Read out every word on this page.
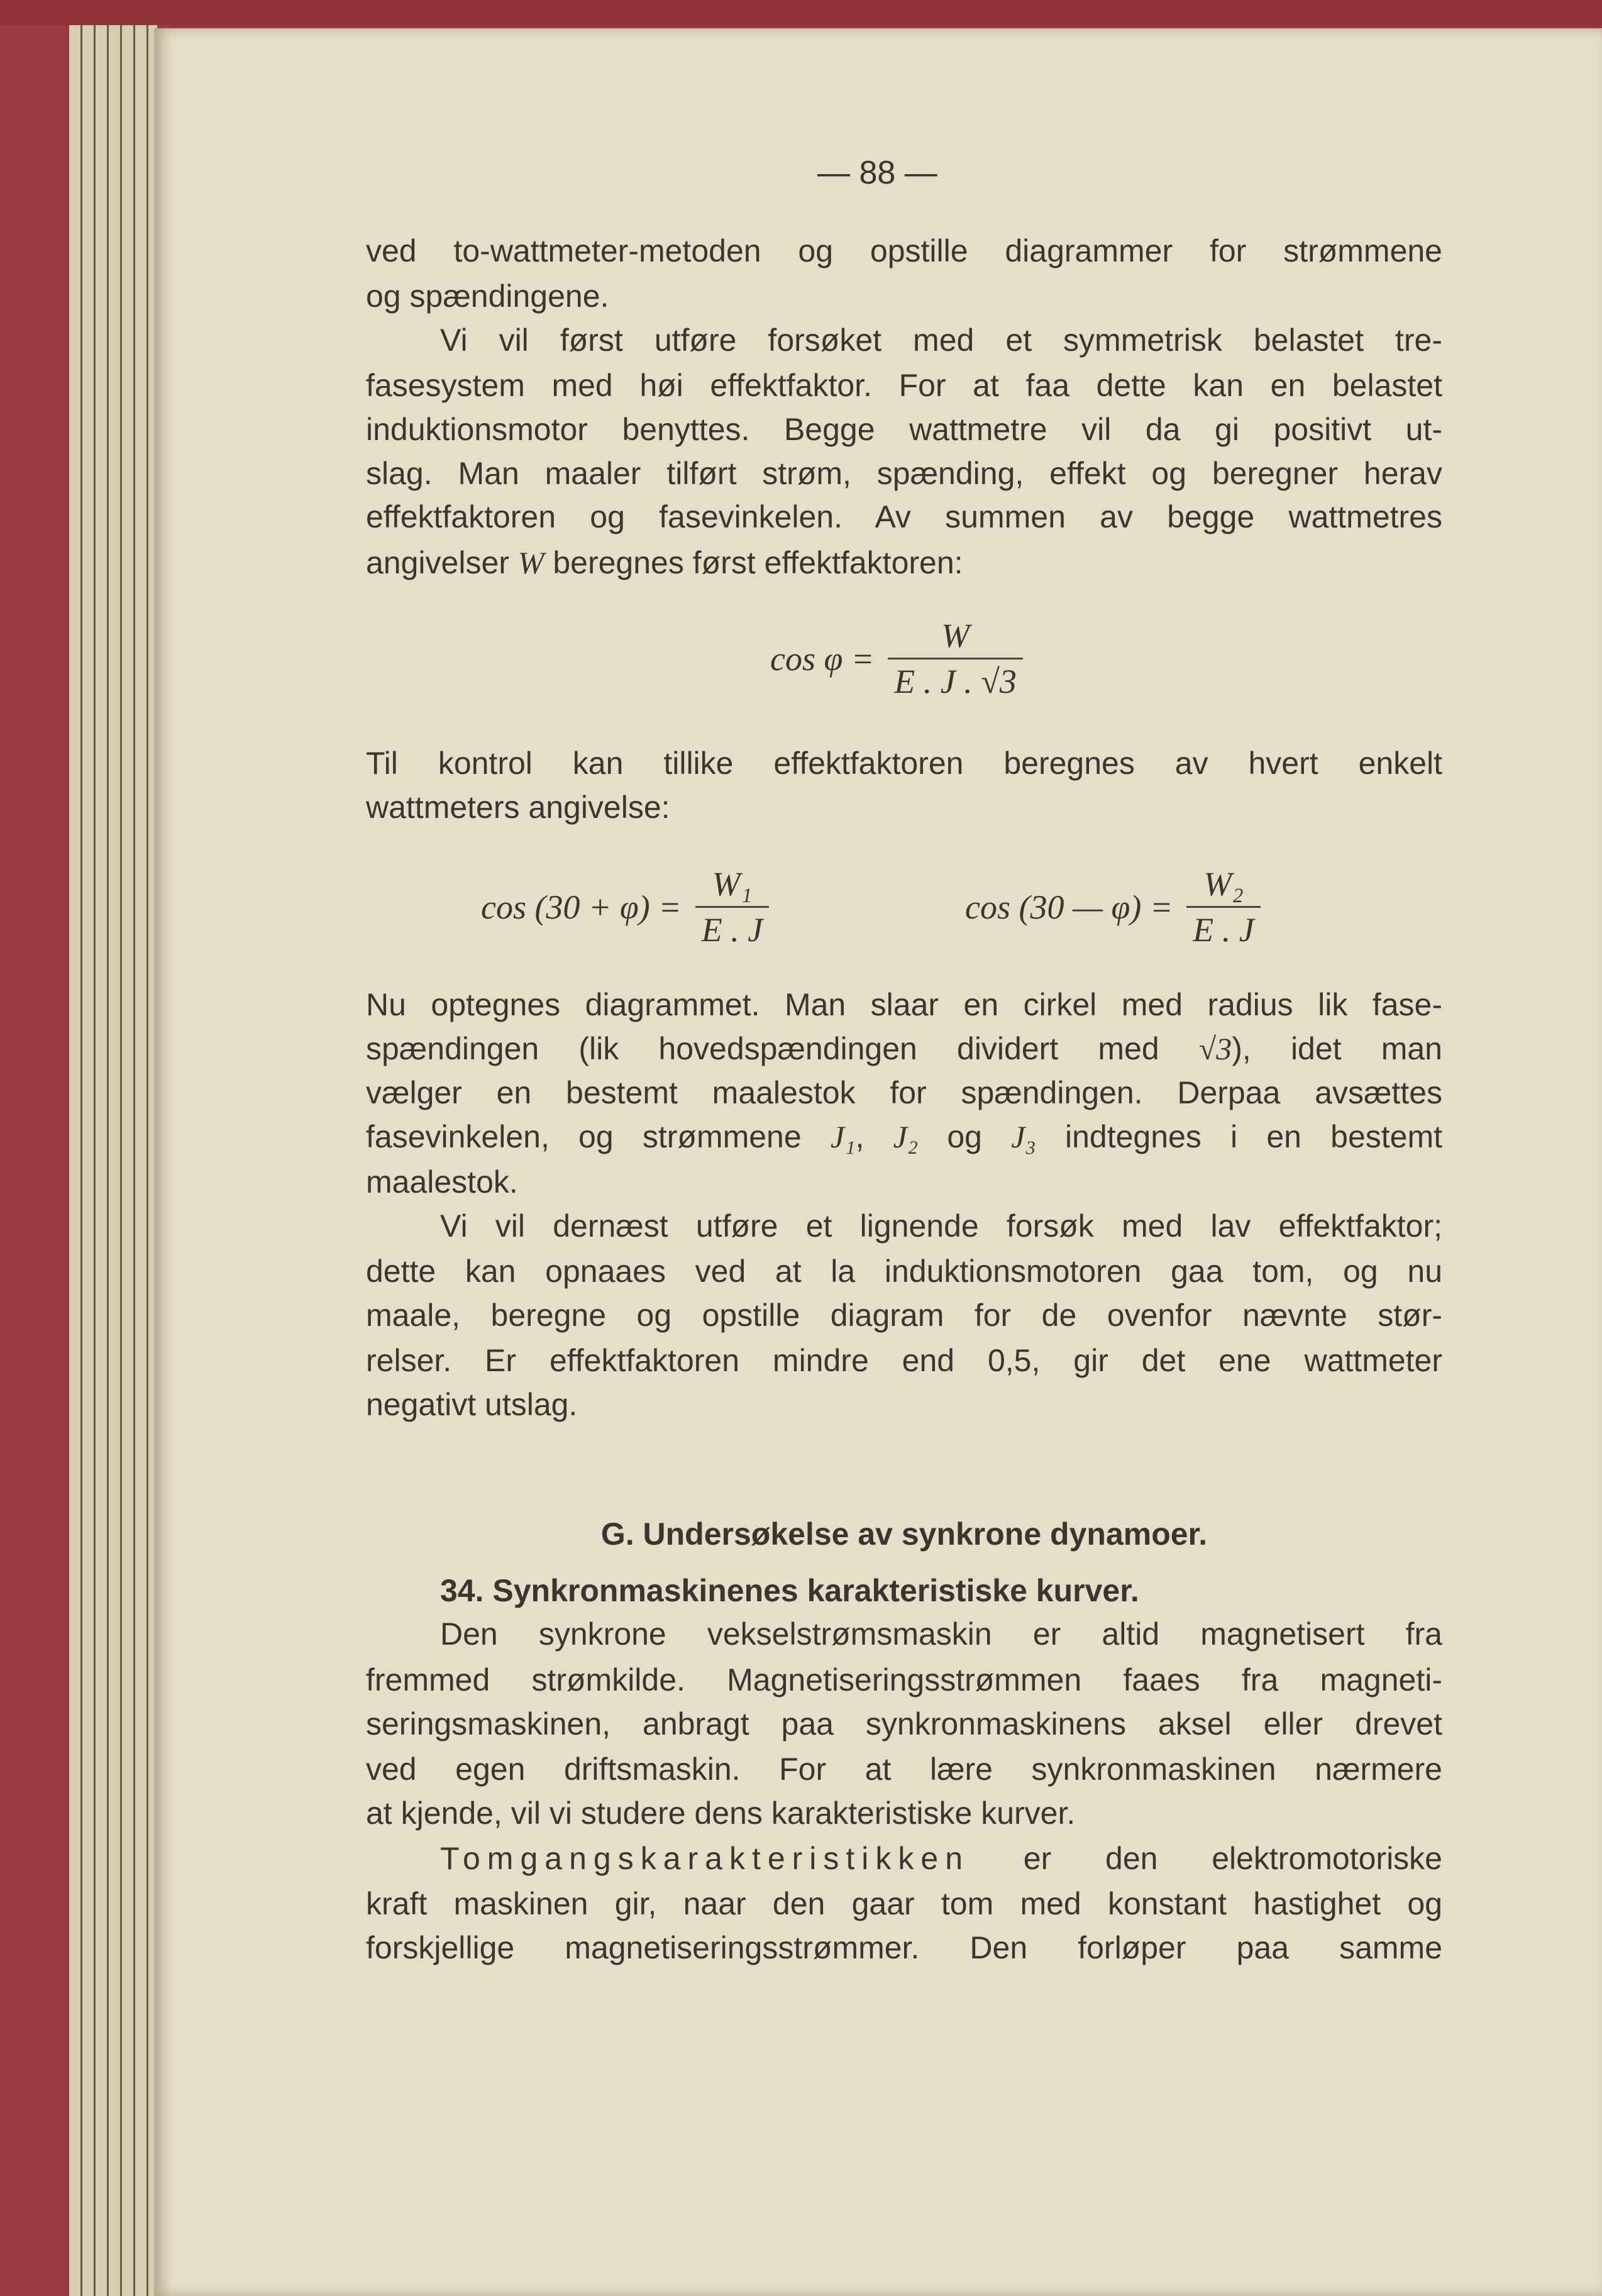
— 88 —
ved to-wattmeter-metoden og opstille diagrammer for strømmene
og spændingene.
Vi vil først utføre forsøket med et symmetrisk belastet tre-
fasesystem med høi effektfaktor. For at faa dette kan en belastet
induktionsmotor benyttes. Begge wattmetre vil da gi positivt ut-
slag. Man maaler tilført strøm, spænding, effekt og beregner herav
effektfaktoren og fasevinkelen. Av summen av begge wattmetres
angivelser W beregnes først effektfaktoren:
Til kontrol kan tillike effektfaktoren beregnes av hvert enkelt
wattmeters angivelse:
Nu optegnes diagrammet. Man slaar en cirkel med radius lik fase-
spændingen (lik hovedspændingen dividert med √3), idet man
vælger en bestemt maalestok for spændingen. Derpaa avsættes
fasevinkelen, og strømmene J₁, J₂ og J₃ indtegnes i en bestemt
maalestok.
Vi vil dernæst utføre et lignende forsøk med lav effektfaktor;
dette kan opnaaes ved at la induktionsmotoren gaa tom, og nu
maale, beregne og opstille diagram for de ovenfor nævnte stør-
relser. Er effektfaktoren mindre end 0,5, gir det ene wattmeter
negativt utslag.
Den synkrone vekselstrømsmaskin er altid magnetisert fra
fremmed strømkilde. Magnetiseringsstrømmen faaes fra magneti-
seringsmaskinen, anbragt paa synkronmaskinens aksel eller drevet
ved egen driftsmaskin. For at lære synkronmaskinen nærmere
at kjende, vil vi studere dens karakteristiske kurver.
Tomgangskarakteristikken er den elektromotoriske
kraft maskinen gir, naar den gaar tom med konstant hastighet og
forskjellige magnetiseringsstrømmer. Den forløper paa samme
$\cos \varphi = \frac{W}{E . J . √3}$
$\cos (30 + \varphi) = \frac{\text{W₁}}{E . J}$	cos (30 — $\varphi) = \frac{\text{W₂}}{E . J}$
G. Undersøkelse av synkrone dynamoer.
34. Synkronmaskinenes karakteristiske kurver.
